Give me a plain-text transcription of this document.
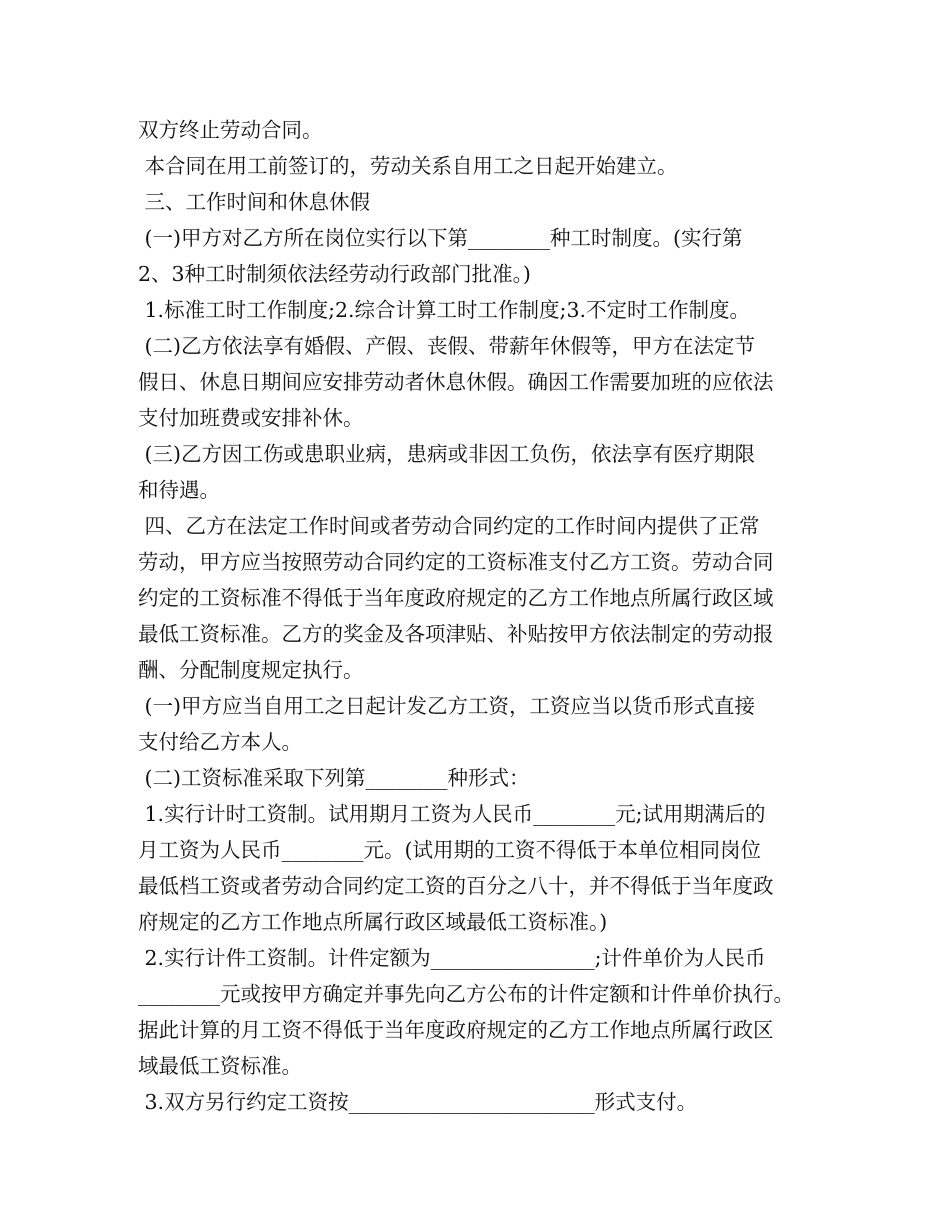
双方终止劳动合同。
本合同在用工前签订的，劳动关系自用工之日起开始建立。
三、工作时间和休息休假
(一)甲方对乙方所在岗位实行以下第________种工时制度。(实行第
2、3种工时制须依法经劳动行政部门批准。)
1.标准工时工作制度;2.综合计算工时工作制度;3.不定时工作制度。
(二)乙方依法享有婚假、产假、丧假、带薪年休假等，甲方在法定节
假日、休息日期间应安排劳动者休息休假。确因工作需要加班的应依法
支付加班费或安排补休。
(三)乙方因工伤或患职业病，患病或非因工负伤，依法享有医疗期限
和待遇。
四、乙方在法定工作时间或者劳动合同约定的工作时间内提供了正常
劳动，甲方应当按照劳动合同约定的工资标准支付乙方工资。劳动合同
约定的工资标准不得低于当年度政府规定的乙方工作地点所属行政区域
最低工资标准。乙方的奖金及各项津贴、补贴按甲方依法制定的劳动报
酬、分配制度规定执行。
(一)甲方应当自用工之日起计发乙方工资，工资应当以货币形式直接
支付给乙方本人。
(二)工资标准采取下列第________种形式：
1.实行计时工资制。试用期月工资为人民币________元;试用期满后的
月工资为人民币________元。(试用期的工资不得低于本单位相同岗位
最低档工资或者劳动合同约定工资的百分之八十，并不得低于当年度政
府规定的乙方工作地点所属行政区域最低工资标准。)
2.实行计件工资制。计件定额为________________;计件单价为人民币
________元或按甲方确定并事先向乙方公布的计件定额和计件单价执行。
据此计算的月工资不得低于当年度政府规定的乙方工作地点所属行政区
域最低工资标准。
3.双方另行约定工资按________________________形式支付。
